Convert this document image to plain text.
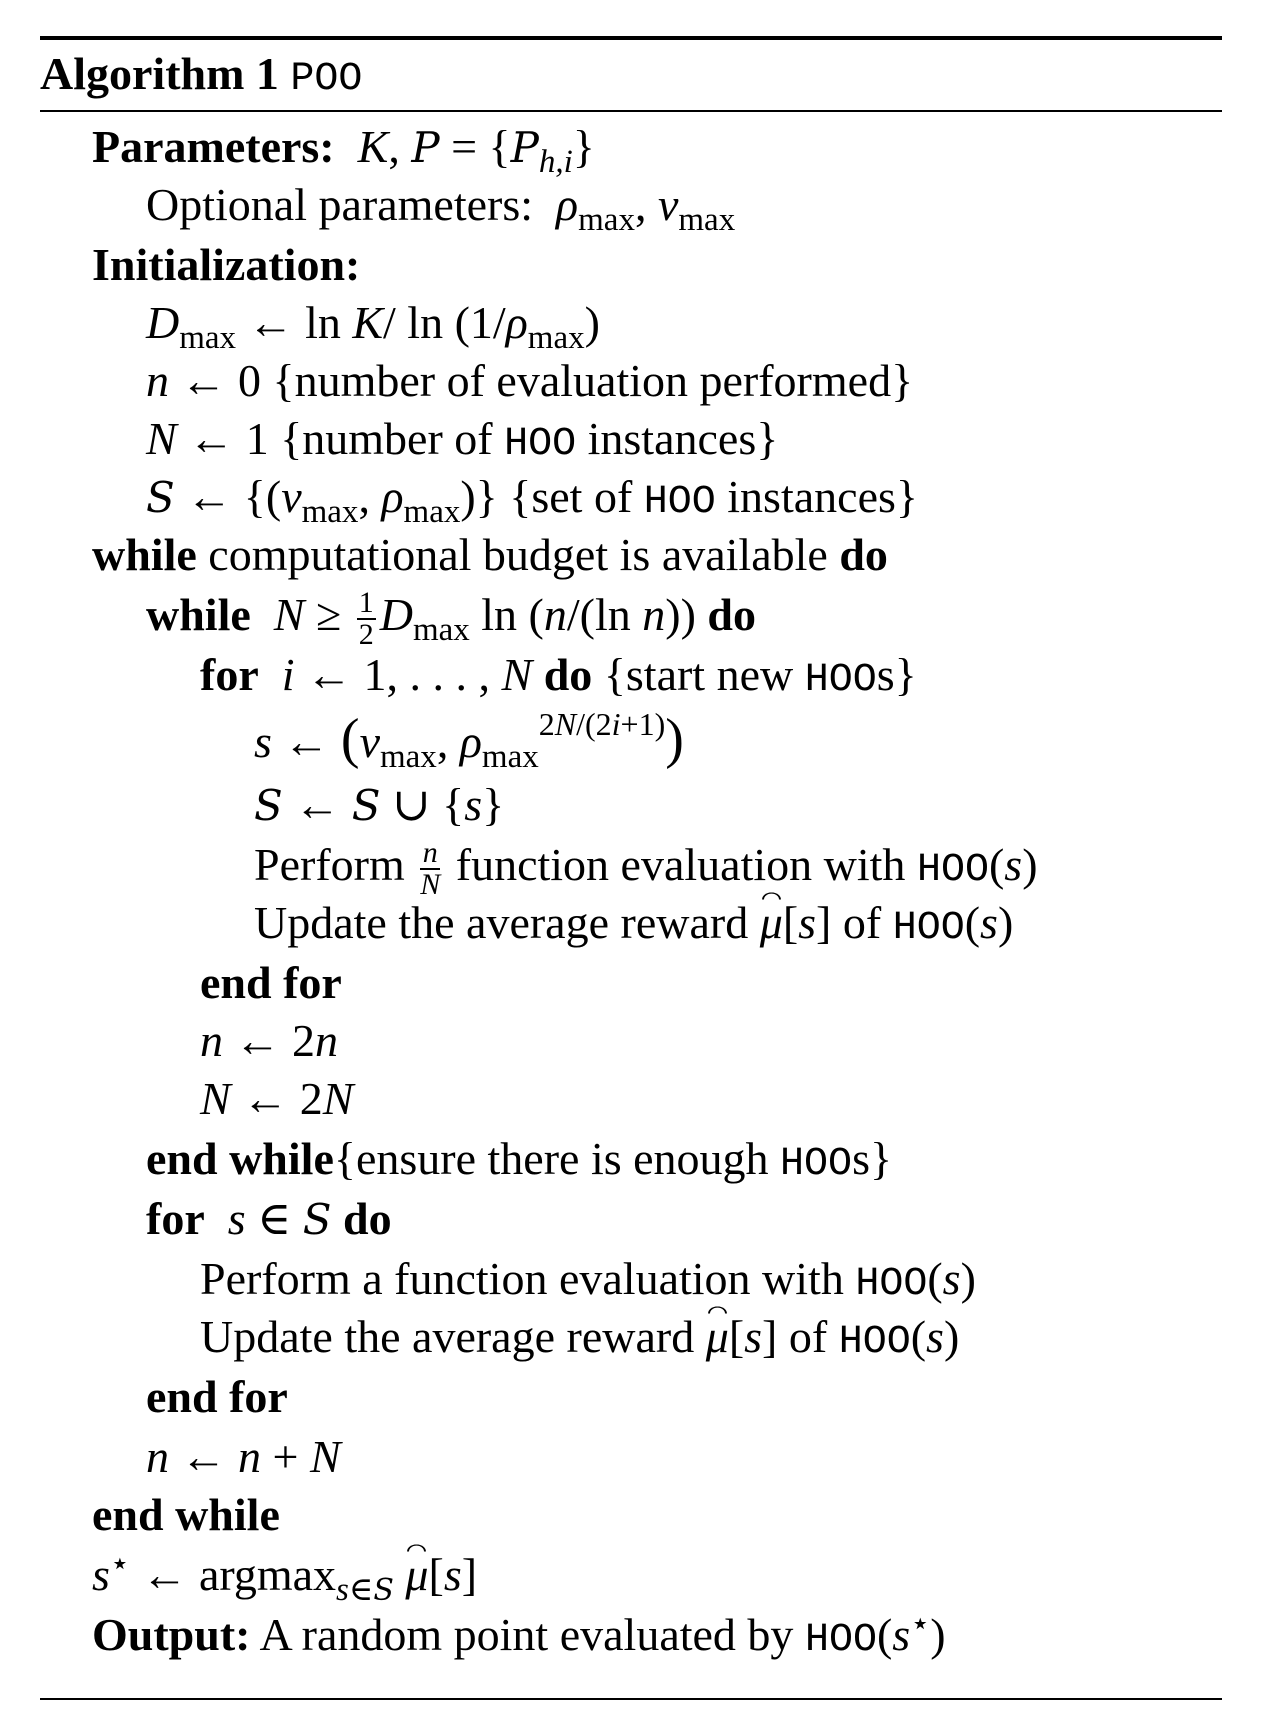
Algorithm 1 POO
Parameters:  K, $P = \{P_{h,i}\}$
Optional parameters:  $\rho_{max}$, $\nu_{max}$
Initialization:
$D_{max}$ ← ln K/ $\ln (1/\rho_{max})$
n ← 0 {number of evaluation performed}
N ← 1 {number of HOO instances}
S ← {($\nu_{max}$, $\rho_{max}$)} {set of HOO instances}
while computational budget is available do
while  $N \ge \frac{1}{2} D_{max}$ ln (n/(ln n)) do
for  i ← 1, . . . , N do {start new HOOs}
s ← ($\nu_{max}$, $\rho_{max}^{2N/(2i+1)}$)
S ← S ∪ {s}
Perform $\frac{n}{N}$ function evaluation with HOO(s)
Update the average reward μ[s] of HOO(s)
end for
n ← 2n
N ← 2N
end while{ensure there is enough HOOs}
for  s ∈ S do
Perform a function evaluation with HOO(s)
Update the average reward μ[s] of HOO(s)
end for
n ← n + N
end while
s⋆ ← argmax$_{s\in S}$ μ[s]
Output: A random point evaluated by HOO(s⋆)
